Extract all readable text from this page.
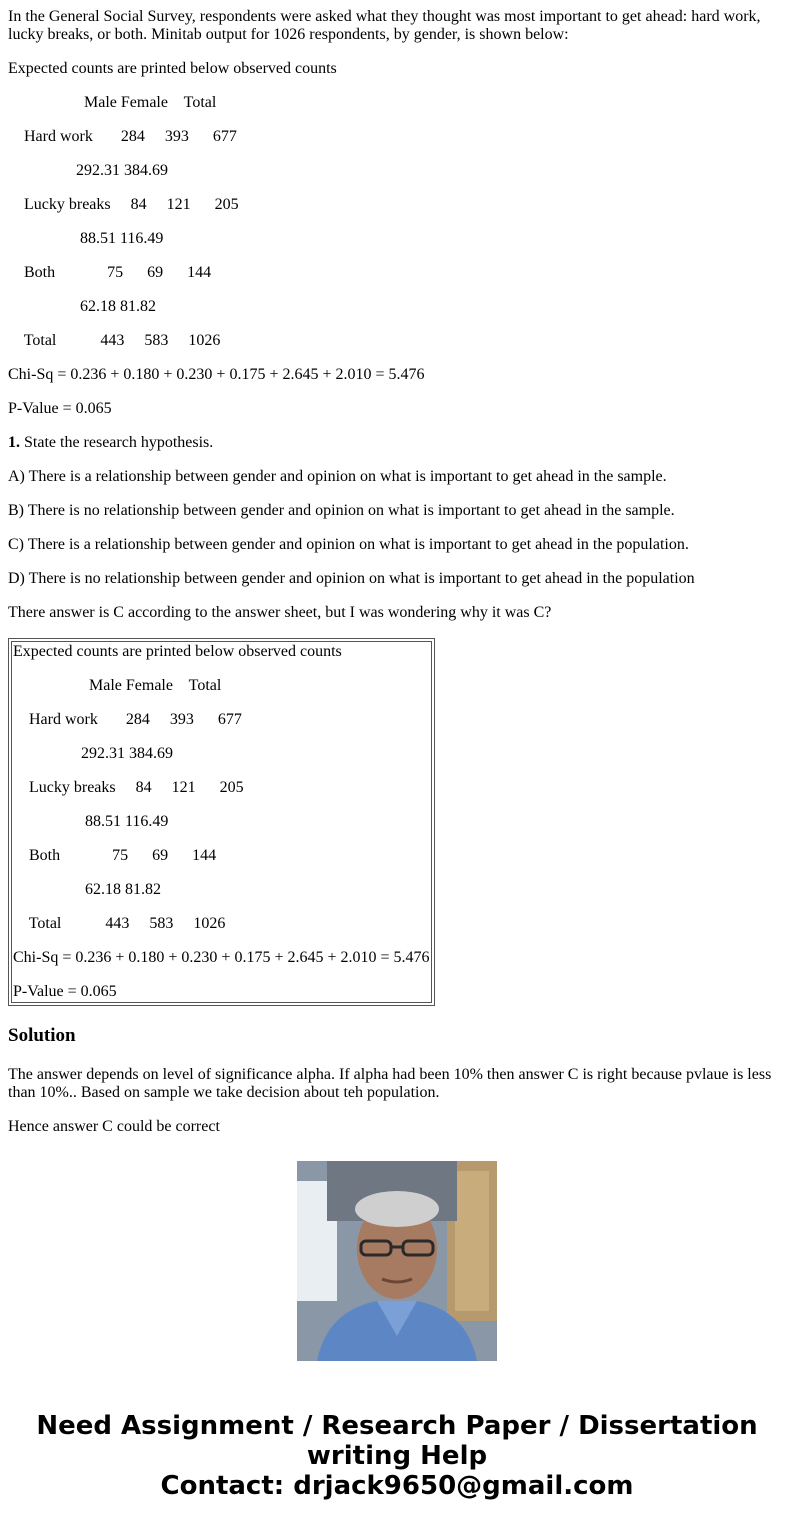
In the General Social Survey, respondents were asked what they thought was most important to get ahead: hard work, lucky breaks, or both. Minitab output for 1026 respondents, by gender, is shown below:

Expected counts are printed below observed counts

Male Female    Total

Hard work       284     393      677

292.31 384.69

Lucky breaks     84     121      205

88.51 116.49

Both             75      69      144

62.18 81.82

Total           443     583     1026

Chi-Sq = 0.236 + 0.180 + 0.230 + 0.175 + 2.645 + 2.010 = 5.476

P-Value = 0.065

1. State the research hypothesis.

A) There is a relationship between gender and opinion on what is important to get ahead in the sample.

B) There is no relationship between gender and opinion on what is important to get ahead in the sample.

C) There is a relationship between gender and opinion on what is important to get ahead in the population.

D) There is no relationship between gender and opinion on what is important to get ahead in the population

There answer is C according to the answer sheet, but I was wondering why it was C?

Expected counts are printed below observed counts

Male Female    Total

Hard work       284     393      677

292.31 384.69

Lucky breaks     84     121      205

88.51 116.49

Both             75      69      144

62.18 81.82

Total           443     583     1026

Chi-Sq = 0.236 + 0.180 + 0.230 + 0.175 + 2.645 + 2.010 = 5.476

P-Value = 0.065

Solution

The answer depends on level of significance alpha. If alpha had been 10% then answer C is right because pvlaue is less than 10%.. Based on sample we take decision about teh population.

Hence answer C could be correct

Need Assignment / Research Paper / Dissertation writing Help
Contact: drjack9650@gmail.com
